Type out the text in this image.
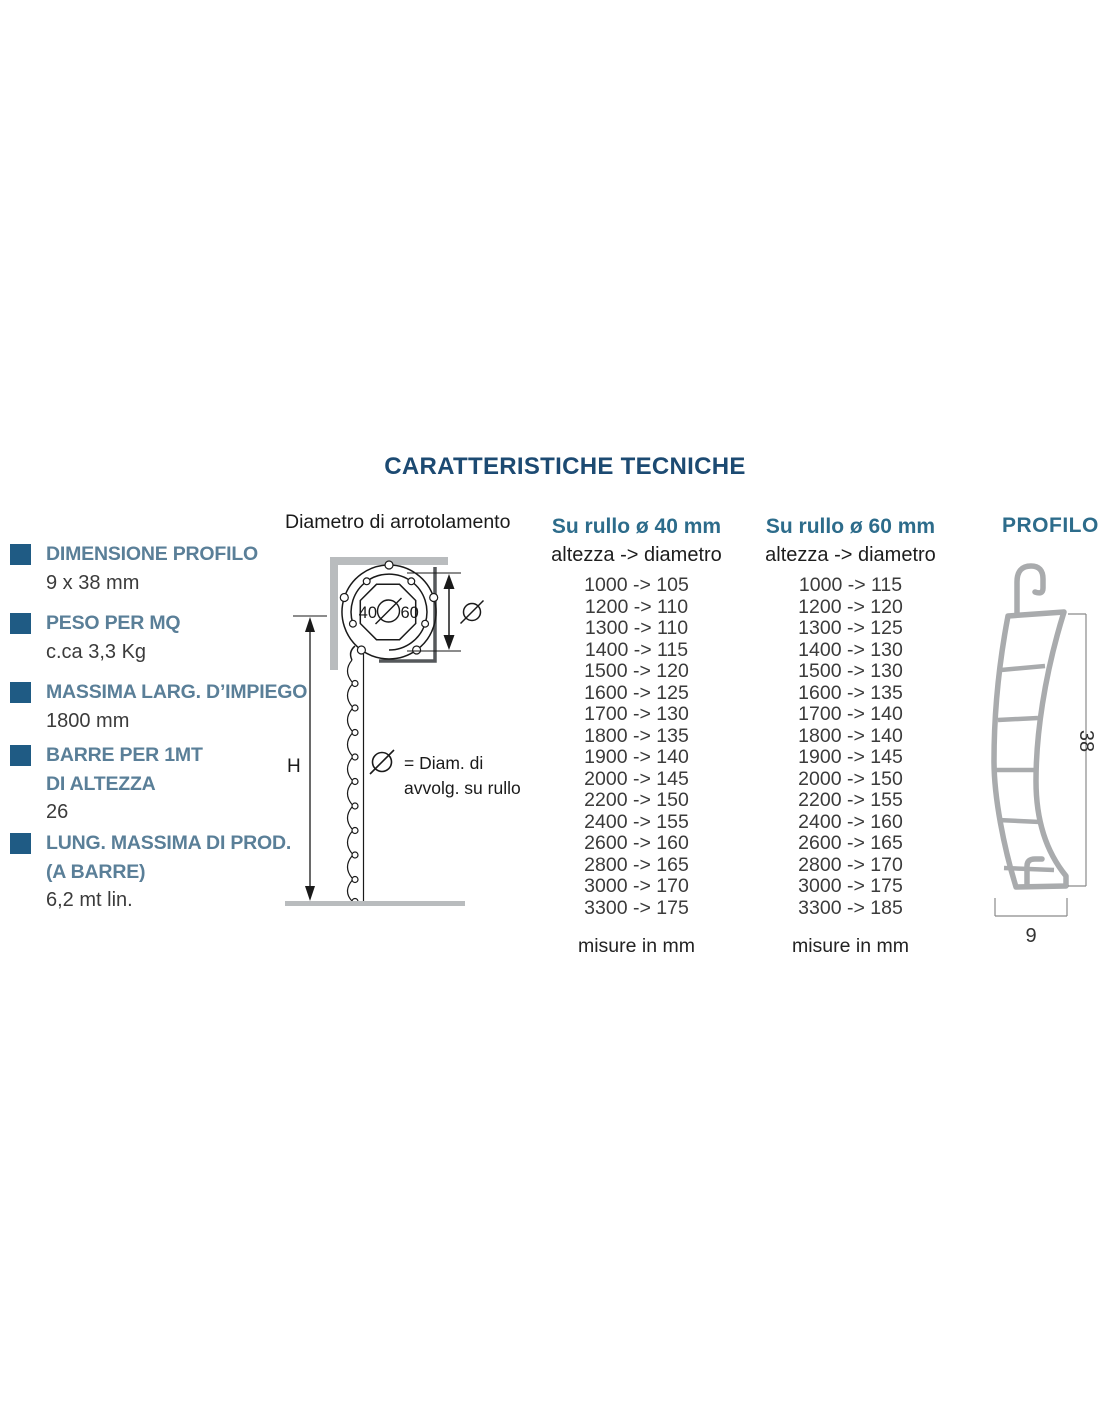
CARATTERISTICHE TECNICHE
DIMENSIONE PROFILO
9 x 38 mm
PESO PER MQ
c.ca 3,3 Kg
MASSIMA LARG. D’IMPIEGO
1800 mm
BARRE PER 1MT
DI ALTEZZA
26
LUNG. MASSIMA DI PROD.
(A BARRE)
6,2 mt lin.
Diametro di arrotolamento
40 60
H	= Diam. di
avvolg. su rullo
Su rullo ø 40 mm
altezza -> diametro
1000 -> 105
1200 -> 110
1300 -> 110
1400 -> 115
1500 -> 120
1600 -> 125
1700 -> 130
1800 -> 135
1900 -> 140
2000 -> 145
2200 -> 150
2400 -> 155
2600 -> 160
2800 -> 165
3000 -> 170
3300 -> 175
misure in mm
Su rullo ø 60 mm
altezza -> diametro
1000 -> 115
1200 -> 120
1300 -> 125
1400 -> 130
1500 -> 130
1600 -> 135
1700 -> 140
1800 -> 140
1900 -> 145
2000 -> 150
2200 -> 155
2400 -> 160
2600 -> 165
2800 -> 170
3000 -> 175
3300 -> 185
misure in mm
PROFILO
38
9
